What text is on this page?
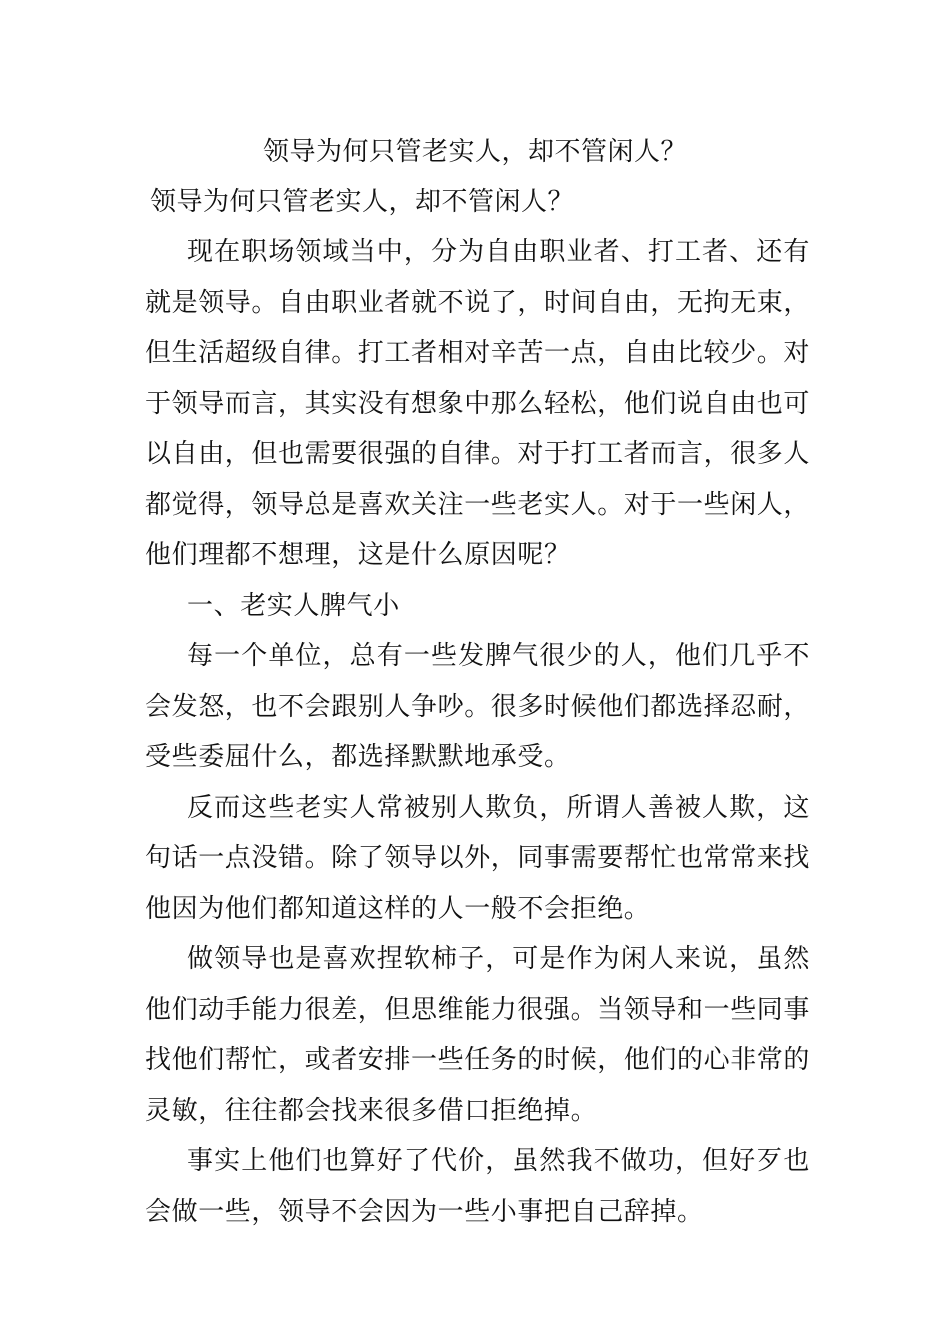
领导为何只管老实人，却不管闲人？
领导为何只管老实人，却不管闲人？

现在职场领域当中，分为自由职业者、打工者、还有就是领导。自由职业者就不说了，时间自由，无拘无束，但生活超级自律。打工者相对辛苦一点，自由比较少。对于领导而言，其实没有想象中那么轻松，他们说自由也可以自由，但也需要很强的自律。对于打工者而言，很多人都觉得，领导总是喜欢关注一些老实人。对于一些闲人，他们理都不想理，这是什么原因呢？

一、老实人脾气小

每一个单位，总有一些发脾气很少的人，他们几乎不会发怒，也不会跟别人争吵。很多时候他们都选择忍耐，受些委屈什么，都选择默默地承受。

反而这些老实人常被别人欺负，所谓人善被人欺，这句话一点没错。除了领导以外，同事需要帮忙也常常来找他因为他们都知道这样的人一般不会拒绝。

做领导也是喜欢捏软柿子，可是作为闲人来说，虽然他们动手能力很差，但思维能力很强。当领导和一些同事找他们帮忙，或者安排一些任务的时候，他们的心非常的灵敏，往往都会找来很多借口拒绝掉。

事实上他们也算好了代价，虽然我不做功，但好歹也会做一些，领导不会因为一些小事把自己辞掉。
